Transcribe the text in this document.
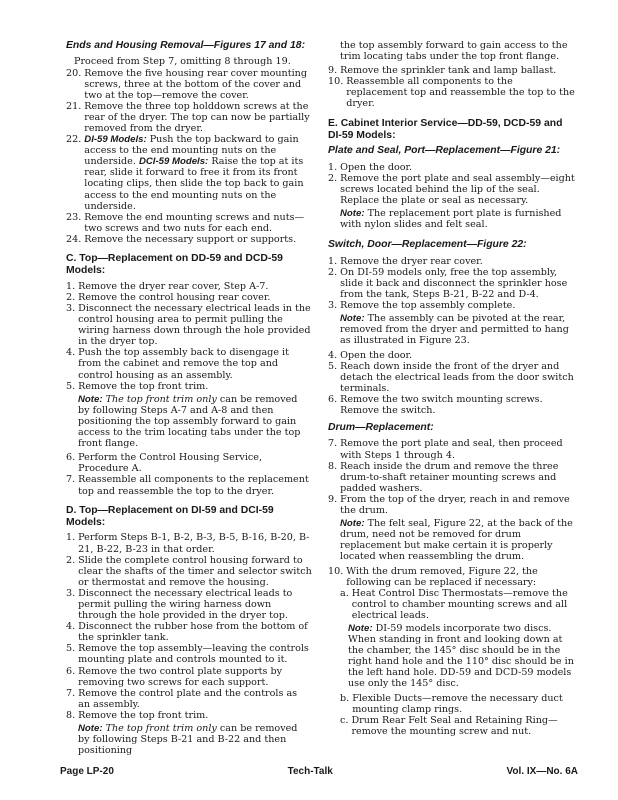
Ends and Housing Removal—Figures 17 and 18:
Proceed from Step 7, omitting 8 through 19.
20. Remove the five housing rear cover mounting screws, three at the bottom of the cover and two at the top—remove the cover.
21. Remove the three top holddown screws at the rear of the dryer. The top can now be partially removed from the dryer.
22. DI-59 Models: Push the top backward to gain access to the end mounting nuts on the underside. DCI-59 Models: Raise the top at its rear, slide it forward to free it from its front locating clips, then slide the top back to gain access to the end mounting nuts on the underside.
23. Remove the end mounting screws and nuts—two screws and two nuts for each end.
24. Remove the necessary support or supports.
C. Top—Replacement on DD-59 and DCD-59 Models:
1. Remove the dryer rear cover, Step A-7.
2. Remove the control housing rear cover.
3. Disconnect the necessary electrical leads in the control housing area to permit pulling the wiring harness down through the hole provided in the dryer top.
4. Push the top assembly back to disengage it from the cabinet and remove the top and control housing as an assembly.
5. Remove the top front trim.
Note: The top front trim only can be removed by following Steps A-7 and A-8 and then positioning the top assembly forward to gain access to the trim locating tabs under the top front flange.
6. Perform the Control Housing Service, Procedure A.
7. Reassemble all components to the replacement top and reassemble the top to the dryer.
D. Top—Replacement on DI-59 and DCI-59 Models:
1. Perform Steps B-1, B-2, B-3, B-5, B-16, B-20, B-21, B-22, B-23 in that order.
2. Slide the complete control housing forward to clear the shafts of the timer and selector switch or thermostat and remove the housing.
3. Disconnect the necessary electrical leads to permit pulling the wiring harness down through the hole provided in the dryer top.
4. Disconnect the rubber hose from the bottom of the sprinkler tank.
5. Remove the top assembly—leaving the controls mounting plate and controls mounted to it.
6. Remove the two control plate supports by removing two screws for each support.
7. Remove the control plate and the controls as an assembly.
8. Remove the top front trim.
Note: The top front trim only can be removed by following Steps B-21 and B-22 and then positioning
the top assembly forward to gain access to the trim locating tabs under the top front flange.
9. Remove the sprinkler tank and lamp ballast.
10. Reassemble all components to the replacement top and reassemble the top to the dryer.
E. Cabinet Interior Service—DD-59, DCD-59 and DI-59 Models:
Plate and Seal, Port—Replacement—Figure 21:
1. Open the door.
2. Remove the port plate and seal assembly—eight screws located behind the lip of the seal. Replace the plate or seal as necessary.
Note: The replacement port plate is furnished with nylon slides and felt seal.
Switch, Door—Replacement—Figure 22:
1. Remove the dryer rear cover.
2. On DI-59 models only, free the top assembly, slide it back and disconnect the sprinkler hose from the tank, Steps B-21, B-22 and D-4.
3. Remove the top assembly complete.
Note: The assembly can be pivoted at the rear, removed from the dryer and permitted to hang as illustrated in Figure 23.
4. Open the door.
5. Reach down inside the front of the dryer and detach the electrical leads from the door switch terminals.
6. Remove the two switch mounting screws. Remove the switch.
Drum—Replacement:
7. Remove the port plate and seal, then proceed with Steps 1 through 4.
8. Reach inside the drum and remove the three drum-to-shaft retainer mounting screws and padded washers.
9. From the top of the dryer, reach in and remove the drum.
Note: The felt seal, Figure 22, at the back of the drum, need not be removed for drum replacement but make certain it is properly located when reassembling the drum.
10. With the drum removed, Figure 22, the following can be replaced if necessary:
a. Heat Control Disc Thermostats—remove the control to chamber mounting screws and all electrical leads.
Note: DI-59 models incorporate two discs. When standing in front and looking down at the chamber, the 145° disc should be in the right hand hole and the 110° disc should be in the left hand hole. DD-59 and DCD-59 models use only the 145° disc.
b. Flexible Ducts—remove the necessary duct mounting clamp rings.
c. Drum Rear Felt Seal and Retaining Ring—remove the mounting screw and nut.
Page LP-20	Tech-Talk	Vol. IX—No. 6A
